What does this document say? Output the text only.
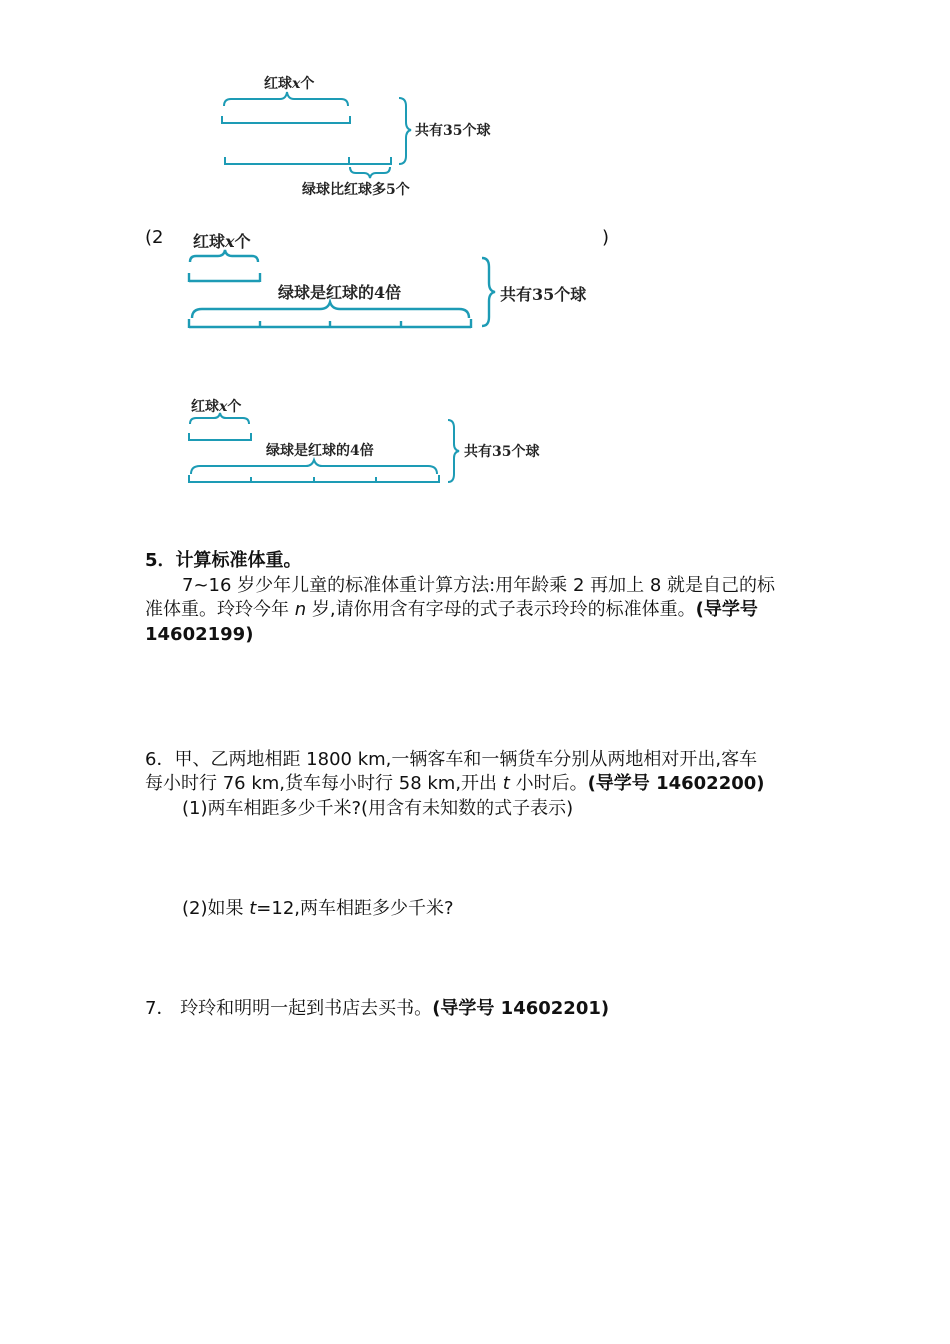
红球x个
共有35个球
绿球比红球多5个
(2	)
红球x个
绿球是红球的4倍	共有35个球
红球x个
绿球是红球的4倍	共有35个球
5．计算标准体重。
7~16 岁少年儿童的标准体重计算方法:用年龄乘 2 再加上 8 就是自己的标
准体重。玲玲今年 n 岁,请你用含有字母的式子表示玲玲的标准体重。(导学号
14602199)
6．甲、乙两地相距 1800 km,一辆客车和一辆货车分别从两地相对开出,客车
每小时行 76 km,货车每小时行 58 km,开出 t 小时后。(导学号 14602200)
(1)两车相距多少千米?(用含有未知数的式子表示)
(2)如果 t=12,两车相距多少千米?
7． 玲玲和明明一起到书店去买书。(导学号 14602201)
